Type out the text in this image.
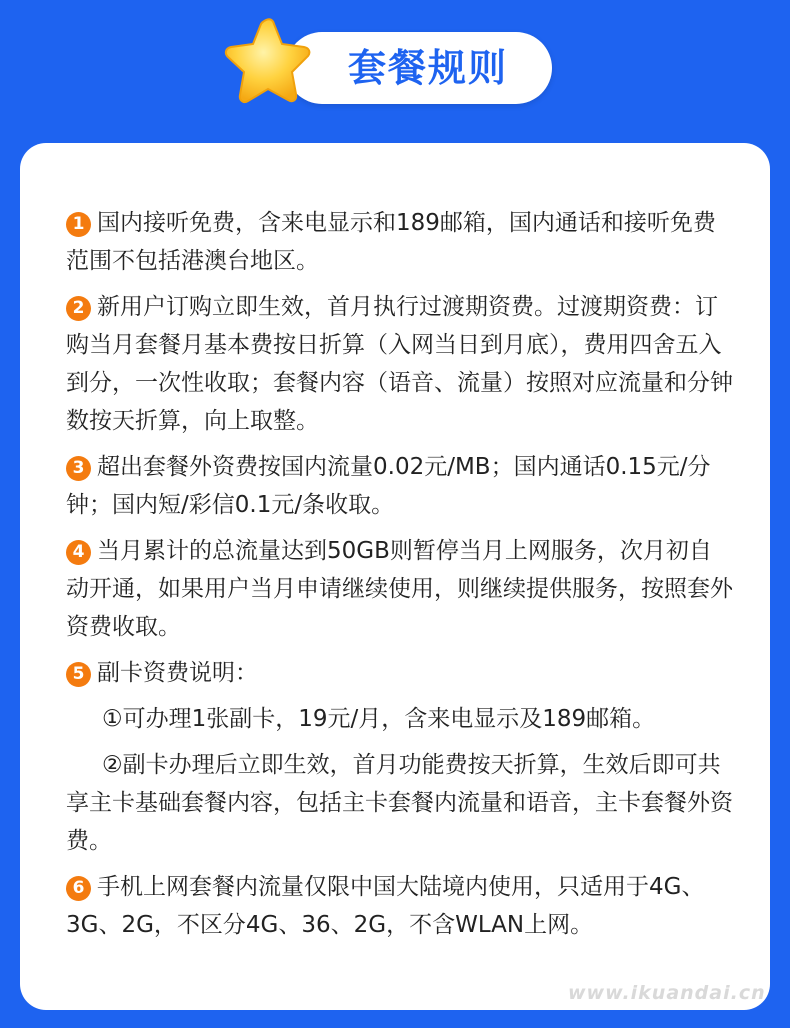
套餐规则
1 国内接听免费，含来电显示和189邮箱，国内通话和接听免费范围不包括港澳台地区。
2 新用户订购立即生效，首月执行过渡期资费。过渡期资费：订购当月套餐月基本费按日折算（入网当日到月底），费用四舍五入到分，一次性收取；套餐内容（语音、流量）按照对应流量和分钟数按天折算，向上取整。
3 超出套餐外资费按国内流量0.02元/MB；国内通话0.15元/分钟；国内短/彩信0.1元/条收取。
4 当月累计的总流量达到50GB则暂停当月上网服务，次月初自动开通，如果用户当月申请继续使用，则继续提供服务，按照套外资费收取。
5 副卡资费说明：
①可办理1张副卡，19元/月，含来电显示及189邮箱。
②副卡办理后立即生效，首月功能费按天折算，生效后即可共享主卡基础套餐内容，包括主卡套餐内流量和语音，主卡套餐外资费。
6 手机上网套餐内流量仅限中国大陆境内使用，只适用于4G、3G、2G，不区分4G、36、2G，不含WLAN上网。
www.ikuandai.cn
